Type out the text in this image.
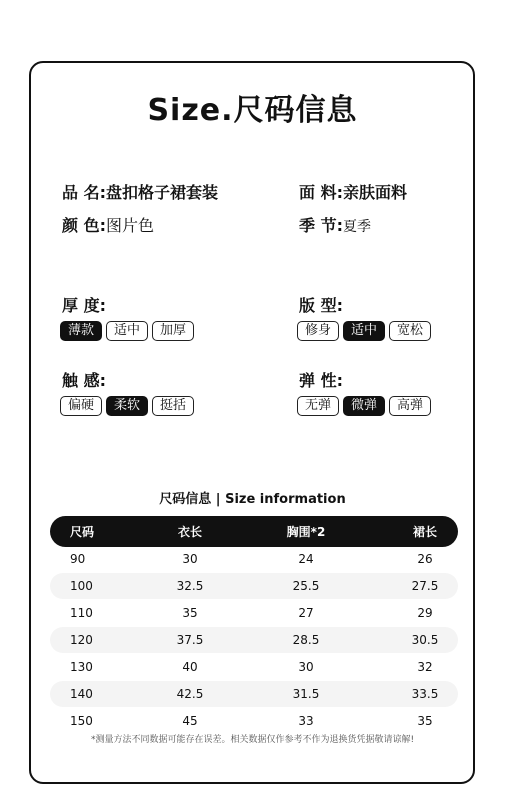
Size.尺码信息
品 名:盘扣格子裙套装	面 料:亲肤面料
颜 色:图片色	季 节:夏季
厚 度:
薄款	适中	加厚
版 型:
修身	适中	宽松
触 感:
偏硬	柔软	挺括
弹 性:
无弹	微弹	高弹
尺码信息 | Size information
尺码	衣长	胸围*2	裙长
90	30	24	26
100	32.5	25.5	27.5
110	35	27	29
120	37.5	28.5	30.5
130	40	30	32
140	42.5	31.5	33.5
150	45	33	35
*测量方法不同数据可能存在误差。相关数据仅作参考不作为退换货凭据敬请谅解!
